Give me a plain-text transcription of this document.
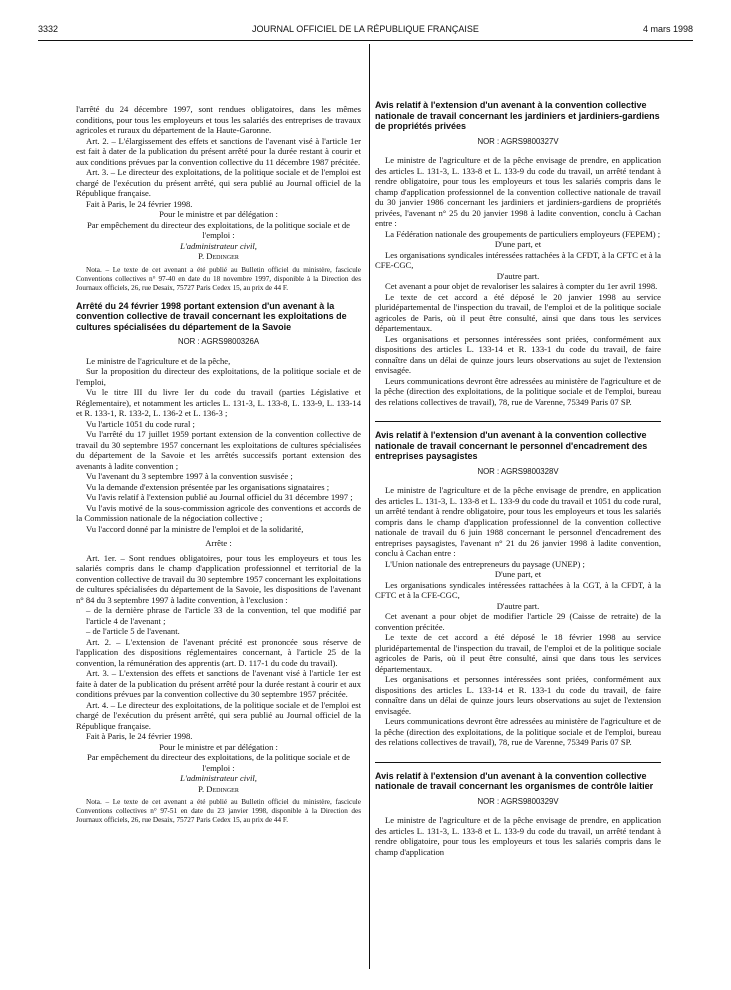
3332	JOURNAL OFFICIEL DE LA RÉPUBLIQUE FRANÇAISE	4 mars 1998

l'arrêté du 24 décembre 1997, sont rendues obligatoires, dans les mêmes conditions, pour tous les employeurs et tous les salariés des entreprises de travaux agricoles et ruraux du département de la Haute-Garonne.

Art. 2. – L'élargissement des effets et sanctions de l'avenant visé à l'article 1er est fait à dater de la publication du présent arrêté pour la durée restant à courir et aux conditions prévues par la convention collective du 11 décembre 1987 précitée.

Art. 3. – Le directeur des exploitations, de la politique sociale et de l'emploi est chargé de l'exécution du présent arrêté, qui sera publié au Journal officiel de la République française.

Fait à Paris, le 24 février 1998.

Pour le ministre et par délégation :

Par empêchement du directeur des exploitations, de la politique sociale et de l'emploi :

L'administrateur civil,

P. Dedinger

Nota. – Le texte de cet avenant a été publié au Bulletin officiel du ministère, fascicule Conventions collectives n° 97-40 en date du 18 novembre 1997, disponible à la Direction des Journaux officiels, 26, rue Desaix, 75727 Paris Cedex 15, au prix de 44 F.

Arrêté du 24 février 1998 portant extension d'un avenant à la convention collective de travail concernant les exploitations de cultures spécialisées du département de la Savoie
NOR : AGRS9800326A

Le ministre de l'agriculture et de la pêche,

Sur la proposition du directeur des exploitations, de la politique sociale et de l'emploi,

Vu le titre III du livre Ier du code du travail (parties Législative et Réglementaire), et notamment les articles L. 131-3, L. 133-8, L. 133-9, L. 133-14 et R. 133-1, R. 133-2, L. 136-2 et L. 136-3 ;

Vu l'article 1051 du code rural ;

Vu l'arrêté du 17 juillet 1959 portant extension de la convention collective de travail du 30 septembre 1957 concernant les exploitations de cultures spécialisées du département de la Savoie et les arrêtés successifs portant extension des avenants à ladite convention ;

Vu l'avenant du 3 septembre 1997 à la convention susvisée ;

Vu la demande d'extension présentée par les organisations signataires ;

Vu l'avis relatif à l'extension publié au Journal officiel du 31 décembre 1997 ;

Vu l'avis motivé de la sous-commission agricole des conventions et accords de la Commission nationale de la négociation collective ;

Vu l'accord donné par la ministre de l'emploi et de la solidarité,

Arrête :

Art. 1er. – Sont rendues obligatoires, pour tous les employeurs et tous les salariés compris dans le champ d'application professionnel et territorial de la convention collective de travail du 30 septembre 1957 concernant les exploitations de cultures spécialisées du département de la Savoie, les dispositions de l'avenant n° 84 du 3 septembre 1997 à ladite convention, à l'exclusion :

– de la dernière phrase de l'article 33 de la convention, tel que modifié par l'article 4 de l'avenant ;

– de l'article 5 de l'avenant.

Art. 2. – L'extension de l'avenant précité est prononcée sous réserve de l'application des dispositions réglementaires concernant, à l'article 25 de la convention, la rémunération des apprentis (art. D. 117-1 du code du travail).

Art. 3. – L'extension des effets et sanctions de l'avenant visé à l'article 1er est faite à dater de la publication du présent arrêté pour la durée restant à courir et aux conditions prévues par la convention collective du 30 septembre 1957 précitée.

Art. 4. – Le directeur des exploitations, de la politique sociale et de l'emploi est chargé de l'exécution du présent arrêté, qui sera publié au Journal officiel de la République française.

Fait à Paris, le 24 février 1998.

Pour le ministre et par délégation :

Par empêchement du directeur des exploitations, de la politique sociale et de l'emploi :

L'administrateur civil,

P. Dedinger

Nota. – Le texte de cet avenant a été publié au Bulletin officiel du ministère, fascicule Conventions collectives n° 97-51 en date du 23 janvier 1998, disponible à la Direction des Journaux officiels, 26, rue Desaix, 75727 Paris Cedex 15, au prix de 44 F.

Avis relatif à l'extension d'un avenant à la convention collective nationale de travail concernant les jardiniers et jardiniers-gardiens de propriétés privées
NOR : AGRS9800327V

Le ministre de l'agriculture et de la pêche envisage de prendre, en application des articles L. 131-3, L. 133-8 et L. 133-9 du code du travail, un arrêté tendant à rendre obligatoire, pour tous les employeurs et tous les salariés compris dans le champ d'application professionnel de la convention collective nationale de travail du 30 janvier 1986 concernant les jardiniers et jardiniers-gardiens de propriétés privées, l'avenant n° 25 du 20 janvier 1998 à ladite convention, conclu à Cachan entre :

La Fédération nationale des groupements de particuliers employeurs (FEPEM) ;

D'une part, et

Les organisations syndicales intéressées rattachées à la CFDT, à la CFTC et à la CFE-CGC,

D'autre part.

Cet avenant a pour objet de revaloriser les salaires à compter du 1er avril 1998.

Le texte de cet accord a été déposé le 20 janvier 1998 au service pluridépartemental de l'inspection du travail, de l'emploi et de la politique sociale agricoles de Paris, où il peut être consulté, ainsi que dans tous les services départementaux.

Les organisations et personnes intéressées sont priées, conformément aux dispositions des articles L. 133-14 et R. 133-1 du code du travail, de faire connaître dans un délai de quinze jours leurs observations au sujet de l'extension envisagée.

Leurs communications devront être adressées au ministère de l'agriculture et de la pêche (direction des exploitations, de la politique sociale et de l'emploi, bureau des relations collectives de travail), 78, rue de Varenne, 75349 Paris 07 SP.

Avis relatif à l'extension d'un avenant à la convention collective nationale de travail concernant le personnel d'encadrement des entreprises paysagistes
NOR : AGRS9800328V

Le ministre de l'agriculture et de la pêche envisage de prendre, en application des articles L. 131-3, L. 133-8 et L. 133-9 du code du travail et 1051 du code rural, un arrêté tendant à rendre obligatoire, pour tous les employeurs et tous les salariés compris dans le champ d'application professionnel de la convention collective nationale de travail du 6 juin 1988 concernant le personnel d'encadrement des entreprises paysagistes, l'avenant n° 21 du 26 janvier 1998 à ladite convention, conclu à Cachan entre :

L'Union nationale des entrepreneurs du paysage (UNEP) ;

D'une part, et

Les organisations syndicales intéressées rattachées à la CGT, à la CFDT, à la CFTC et à la CFE-CGC,

D'autre part.

Cet avenant a pour objet de modifier l'article 29 (Caisse de retraite) de la convention précitée.

Le texte de cet accord a été déposé le 18 février 1998 au service pluridépartemental de l'inspection du travail, de l'emploi et de la politique sociale agricoles de Paris, où il peut être consulté, ainsi que dans tous les services départementaux.

Les organisations et personnes intéressées sont priées, conformément aux dispositions des articles L. 133-14 et R. 133-1 du code du travail, de faire connaître dans un délai de quinze jours leurs observations au sujet de l'extension envisagée.

Leurs communications devront être adressées au ministère de l'agriculture et de la pêche (direction des exploitations, de la politique sociale et de l'emploi, bureau des relations collectives de travail), 78, rue de Varenne, 75349 Paris 07 SP.

Avis relatif à l'extension d'un avenant à la convention collective nationale de travail concernant les organismes de contrôle laitier
NOR : AGRS9800329V

Le ministre de l'agriculture et de la pêche envisage de prendre, en application des articles L. 131-3, L. 133-8 et L. 133-9 du code du travail, un arrêté tendant à rendre obligatoire, pour tous les employeurs et tous les salariés compris dans le champ d'application
